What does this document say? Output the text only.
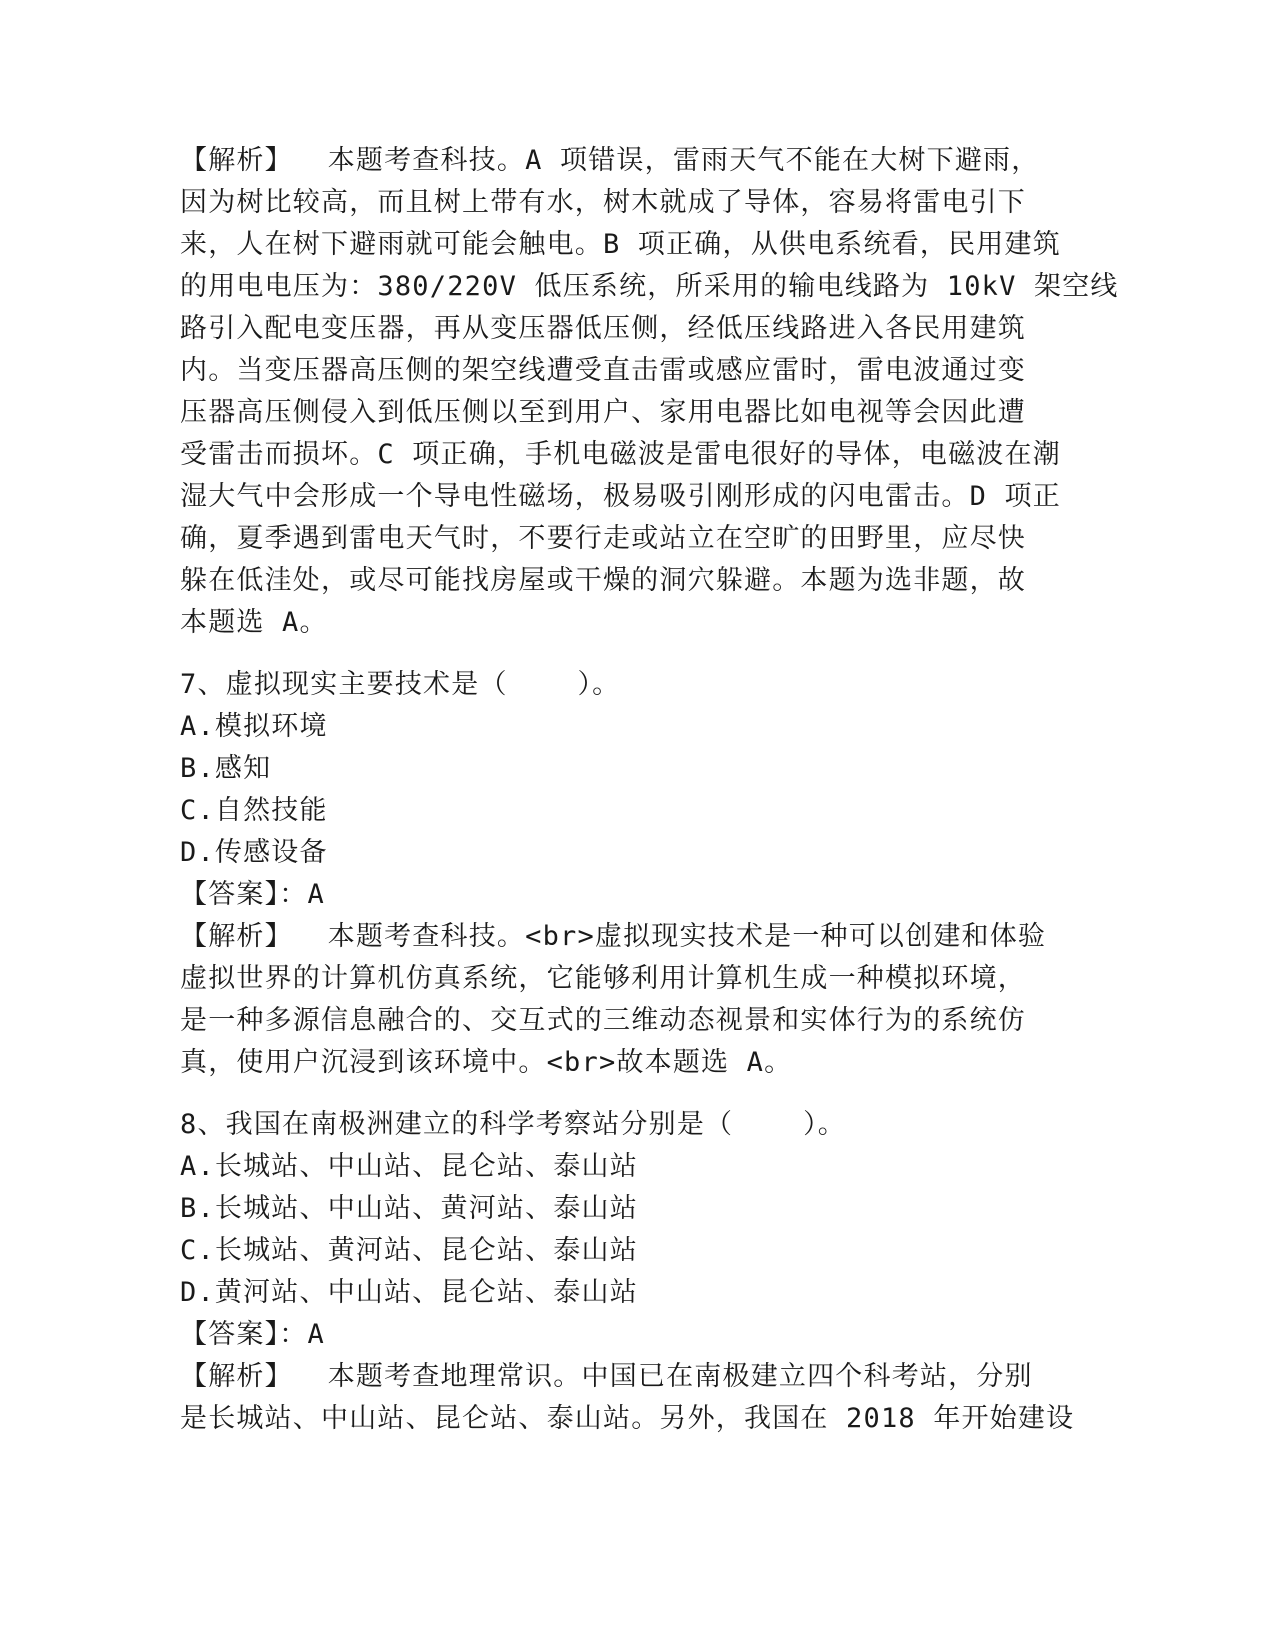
【解析】  本题考查科技。A 项错误，雷雨天气不能在大树下避雨，
因为树比较高，而且树上带有水，树木就成了导体，容易将雷电引下
来，人在树下避雨就可能会触电。B 项正确，从供电系统看，民用建筑
的用电电压为：380/220V 低压系统，所采用的输电线路为 10kV 架空线
路引入配电变压器，再从变压器低压侧，经低压线路进入各民用建筑
内。当变压器高压侧的架空线遭受直击雷或感应雷时，雷电波通过变
压器高压侧侵入到低压侧以至到用户、家用电器比如电视等会因此遭
受雷击而损坏。C 项正确，手机电磁波是雷电很好的导体，电磁波在潮
湿大气中会形成一个导电性磁场，极易吸引刚形成的闪电雷击。D 项正
确，夏季遇到雷电天气时，不要行走或站立在空旷的田野里，应尽快
躲在低洼处，或尽可能找房屋或干燥的洞穴躲避。本题为选非题，故
本题选 A。
7、虚拟现实主要技术是（    ）。
A.模拟环境
B.感知
C.自然技能
D.传感设备
【答案】：A
【解析】  本题考查科技。<br>虚拟现实技术是一种可以创建和体验
虚拟世界的计算机仿真系统，它能够利用计算机生成一种模拟环境，
是一种多源信息融合的、交互式的三维动态视景和实体行为的系统仿
真，使用户沉浸到该环境中。<br>故本题选 A。
8、我国在南极洲建立的科学考察站分别是（    ）。
A.长城站、中山站、昆仑站、泰山站
B.长城站、中山站、黄河站、泰山站
C.长城站、黄河站、昆仑站、泰山站
D.黄河站、中山站、昆仑站、泰山站
【答案】：A
【解析】  本题考查地理常识。中国已在南极建立四个科考站，分别
是长城站、中山站、昆仑站、泰山站。另外，我国在 2018 年开始建设
